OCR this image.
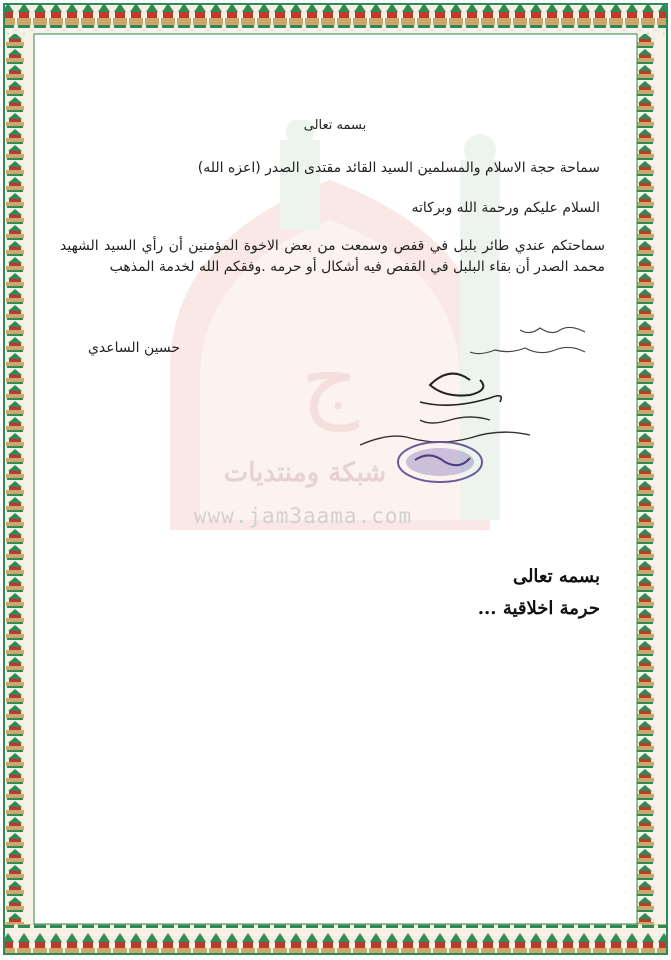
ج
شبكة ومنتديات
www.jam3aama.com
بسمه تعالى
سماحة حجة الاسلام والمسلمين السيد القائد مقتدى الصدر (اعزه الله)
السلام عليكم ورحمة الله وبركاته
سماحتكم عندي طائر بلبل في قفص وسمعت من بعض الاخوة المؤمنين أن رأي السيد الشهيد محمد الصدر أن بقاء البلبل في القفص فيه أشكال أو حرمه .وفقكم الله لخدمة المذهب
حسين الساعدي
بسمه تعالى
حرمة اخلاقية ...
